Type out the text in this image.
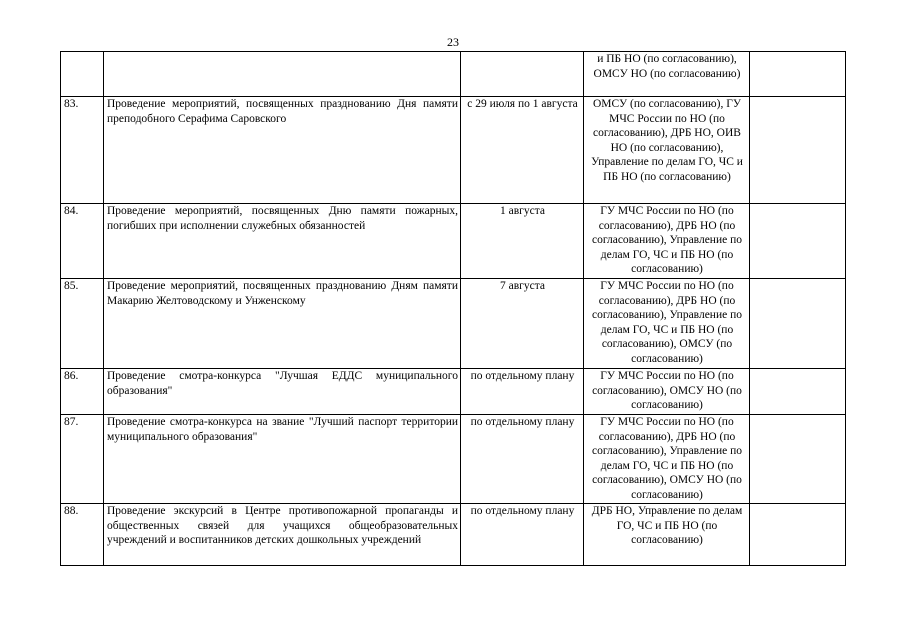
23
			и ПБ НО (по согласованию), ОМСУ НО (по согласованию)	
83.	Проведение мероприятий, посвященных празднованию Дня памяти преподобного Серафима Саровского	с 29 июля по 1 августа	ОМСУ (по согласованию), ГУ МЧС России по НО (по согласованию), ДРБ НО, ОИВ НО (по согласованию), Управление по делам ГО, ЧС и ПБ НО (по согласованию)	
84.	Проведение мероприятий, посвященных Дню памяти пожарных, погибших при исполнении служебных обязанностей	1 августа	ГУ МЧС России по НО (по согласованию), ДРБ НО (по согласованию), Управление по делам ГО, ЧС и ПБ НО (по согласованию)	
85.	Проведение мероприятий, посвященных празднованию Дням памяти Макарию Желтоводскому и Унженскому	7 августа	ГУ МЧС России по НО (по согласованию), ДРБ НО (по согласованию), Управление по делам ГО, ЧС и ПБ НО (по согласованию), ОМСУ (по согласованию)	
86.	Проведение смотра-конкурса "Лучшая ЕДДС муниципального образования"	по отдельному плану	ГУ МЧС России по НО (по согласованию), ОМСУ НО (по согласованию)	
87.	Проведение смотра-конкурса на звание "Лучший паспорт территории муниципального образования"	по отдельному плану	ГУ МЧС России по НО (по согласованию), ДРБ НО (по согласованию), Управление по делам ГО, ЧС и ПБ НО (по согласованию), ОМСУ НО (по согласованию)	
88.	Проведение экскурсий в Центре противопожарной пропаганды и общественных связей для учащихся общеобразовательных учреждений и воспитанников детских дошкольных учреждений	по отдельному плану	ДРБ НО, Управление по делам ГО, ЧС и ПБ НО (по согласованию)	
